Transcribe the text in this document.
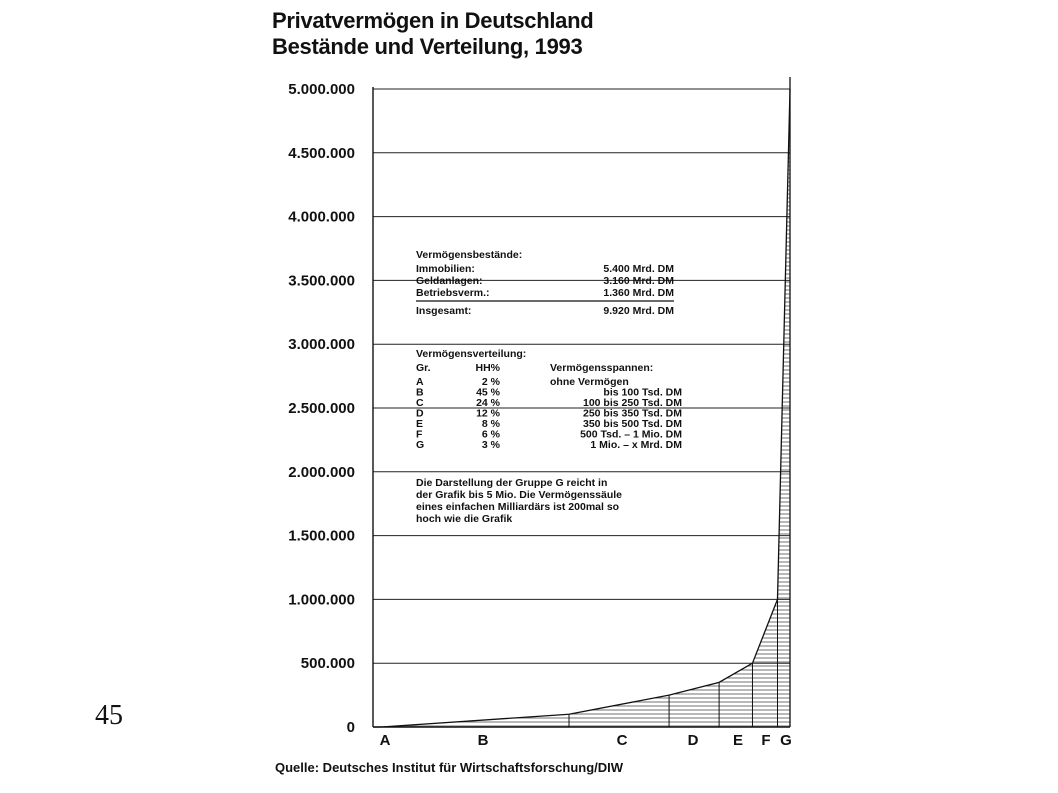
Privatvermögen in Deutschland
Bestände und Verteilung, 1993
0
500.000
1.000.000
1.500.000
2.000.000
2.500.000
3.000.000
3.500.000
4.000.000
4.500.000
5.000.000
A	B	C	D E F G
Vermögensbestände:
Immobilien:	5.400 Mrd. DM
Geldanlagen:	3.160 Mrd. DM
Betriebsverm.:	1.360 Mrd. DM
Insgesamt:	9.920 Mrd. DM
Vermögensverteilung:
Gr.	HH%	Vermögensspannen:
A	2 %	ohne Vermögen
B	45 %	bis 100 Tsd. DM
C	24 %	100 bis 250 Tsd. DM
D	12 %	250 bis 350 Tsd. DM
E	8 %	350 bis 500 Tsd. DM
F	6 %	500 Tsd. – 1 Mio. DM
G	3 %	1 Mio. – x Mrd. DM
Die Darstellung der Gruppe G reicht in
der Grafik bis 5 Mio. Die Vermögenssäule
eines einfachen Milliardärs ist 200mal so
hoch wie die Grafik
45
Quelle: Deutsches Institut für Wirtschaftsforschung/DIW
